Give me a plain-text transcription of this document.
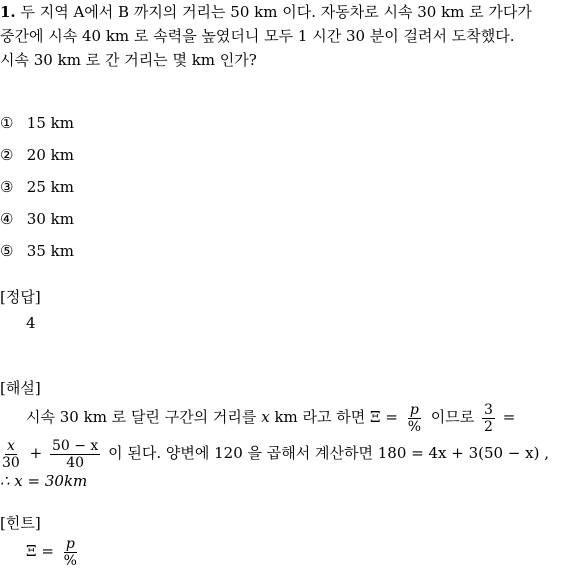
1. 두 지역 A에서 B 까지의 거리는 50 km 이다. 자동차로 시속 30 km 로 가다가
중간에 시속 40 km 로 속력을 높였더니 모두 1 시간 30 분이 걸려서 도착했다.
시속 30 km 로 간 거리는 몇 km 인가?
① 15 km
② 20 km
③ 25 km
④ 30 km
⑤ 35 km
[정답]
4
[해설]
시속 30 km 로 달린 구간의 거리를 x km 라고 하면 $\Xi = \frac{p}{\%}$ 이므로 $\frac{3}{2}$ =
$\frac{x}{30} + \frac{50 - x}{40}$ 이 된다. 양변에 120 을 곱해서 계산하면 180 = 4x + 3(50 − x) ,
∴ x = 30km
[힌트]
$\Xi = \frac{p}{\%}$
